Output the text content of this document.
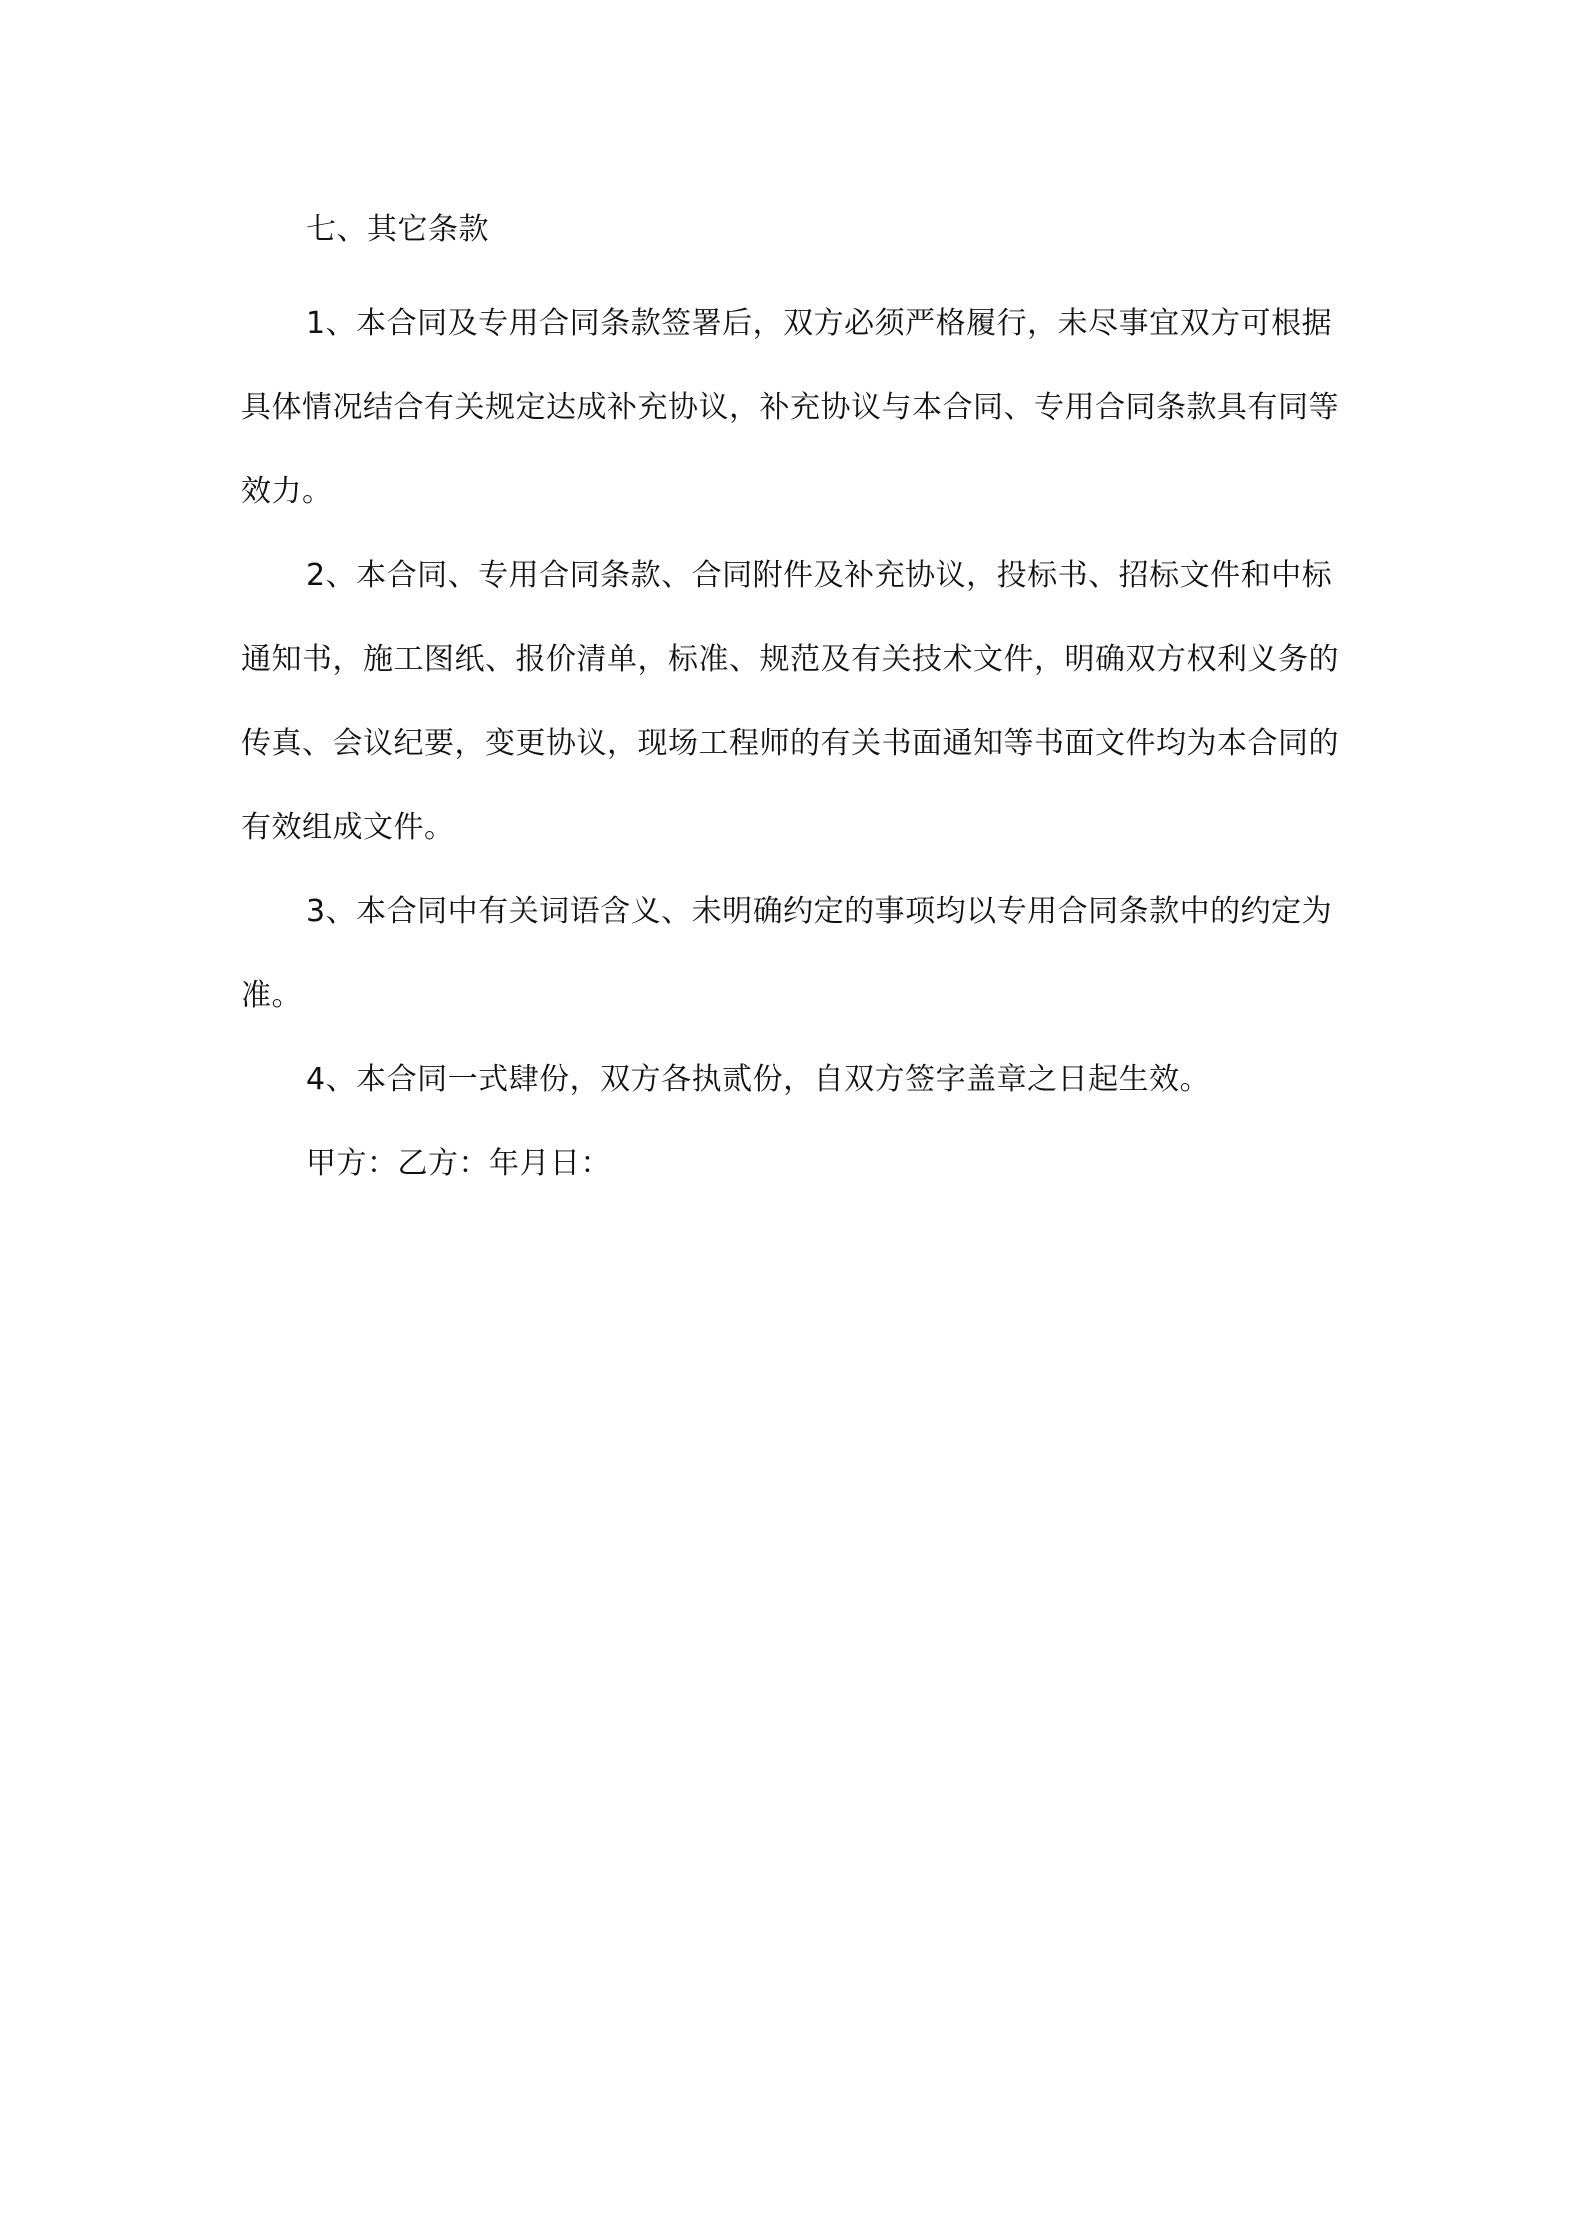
七、其它条款

1、本合同及专用合同条款签署后，双方必须严格履行，未尽事宜双方可根据具体情况结合有关规定达成补充协议，补充协议与本合同、专用合同条款具有同等效力。

2、本合同、专用合同条款、合同附件及补充协议，投标书、招标文件和中标通知书，施工图纸、报价清单，标准、规范及有关技术文件，明确双方权利义务的传真、会议纪要，变更协议，现场工程师的有关书面通知等书面文件均为本合同的有效组成文件。

3、本合同中有关词语含义、未明确约定的事项均以专用合同条款中的约定为准。

4、本合同一式肆份，双方各执贰份，自双方签字盖章之日起生效。

甲方：乙方：年月日：
